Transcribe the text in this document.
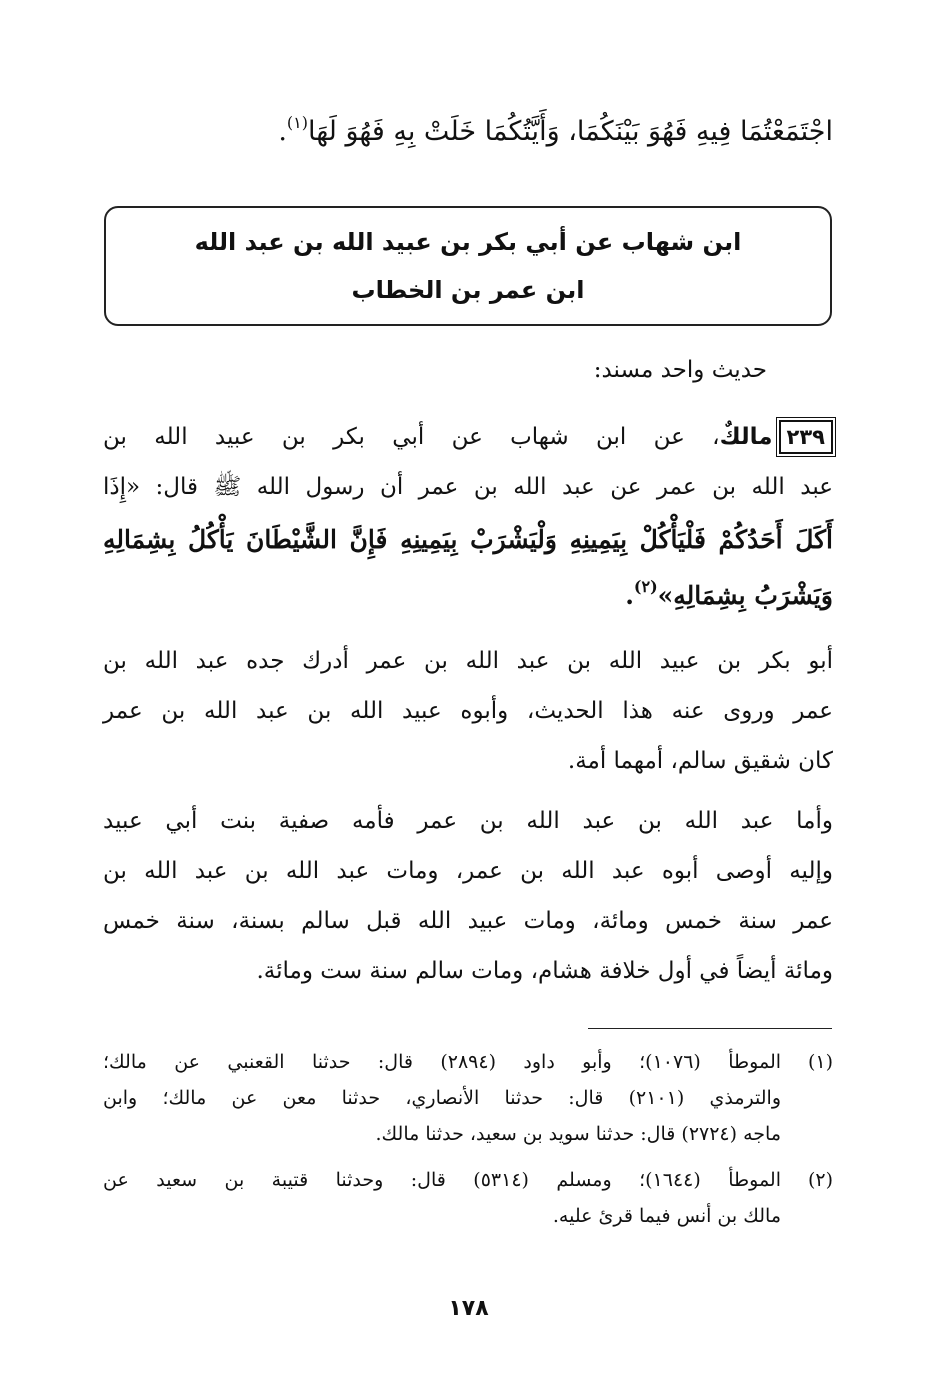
اجْتَمَعْتُمَا فِيهِ فَهُوَ بَيْنَكُمَا، وَأَيَّتُكُمَا خَلَتْ بِهِ فَهُوَ لَهَا$^{(١)}$.
ابن شهاب عن أبي بكر بن عبيد الله بن عبد الله
ابن عمر بن الخطاب
حديث واحد مسند:
٢٣٩مالكٌ، عن ابن شهاب عن أبي بكر بن عبيد الله بن
عبد الله بن عمر عن عبد الله بن عمر أن رسول الله ﷺ قال: «إِذَا
أَكَلَ أَحَدُكُمْ فَلْيَأْكُلْ بِيَمِينِهِ وَلْيَشْرَبْ بِيَمِينِهِ فَإِنَّ الشَّيْطَانَ يَأْكُلُ بِشِمَالِهِ
وَيَشْرَبُ بِشِمَالِهِ»$^{(٢)}$.
أبو بكر بن عبيد الله بن عبد الله بن عمر أدرك جده عبد الله بن
عمر وروى عنه هذا الحديث، وأبوه عبيد الله بن عبد الله بن عمر
كان شقيق سالم، أمهما أمة.
وأما عبد الله بن عبد الله بن عمر فأمه صفية بنت أبي عبيد
وإليه أوصى أبوه عبد الله بن عمر، ومات عبد الله بن عبد الله بن
عمر سنة خمس ومائة، ومات عبيد الله قبل سالم بسنة، سنة خمس
ومائة أيضاً في أول خلافة هشام، ومات سالم سنة ست ومائة.
(١)
الموطأ (١٠٧٦)؛ وأبو داود (٢٨٩٤) قال: حدثنا القعنبي عن مالك؛
والترمذي (٢١٠١) قال: حدثنا الأنصاري، حدثنا معن عن مالك؛ وابن
ماجه (٢٧٢٤) قال: حدثنا سويد بن سعيد، حدثنا مالك.
(٢)
الموطأ (١٦٤٤)؛ ومسلم (٥٣١٤) قال: وحدثنا قتيبة بن سعيد عن
مالك بن أنس فيما قرئ عليه.
١٧٨
